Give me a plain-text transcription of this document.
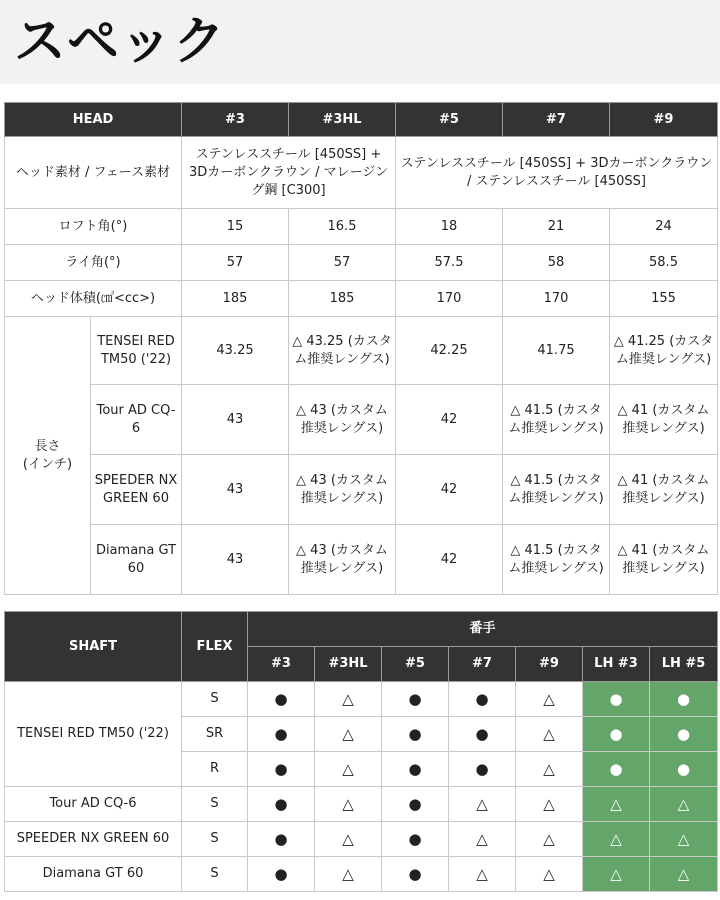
スペック
HEAD		#3	#3HL	#5	#7	#9
ヘッド素材 / フェース素材		ステンレススチール [450SS] + 3Dカーボンクラウン / マレージング鋼 [C300]		ステンレススチール [450SS] + 3Dカーボンクラウン / ステンレススチール [450SS]		
ロフト角(°)		15	16.5	18	21	24
ライ角(°)		57	57	57.5	58	58.5
ヘッド体積(㎤<cc>)		185	185	170	170	155
長さ
(インチ)	TENSEI RED TM50 ('22)	43.25	△ 43.25 (カスタム推奨レングス)	42.25	41.75	△ 41.25 (カスタム推奨レングス)
	Tour AD CQ-6	43	△ 43 (カスタム推奨レングス)	42	△ 41.5 (カスタム推奨レングス)	△ 41 (カスタム推奨レングス)
	SPEEDER NX GREEN 60	43	△ 43 (カスタム推奨レングス)	42	△ 41.5 (カスタム推奨レングス)	△ 41 (カスタム推奨レングス)
	Diamana GT 60	43	△ 43 (カスタム推奨レングス)	42	△ 41.5 (カスタム推奨レングス)	△ 41 (カスタム推奨レングス)
SHAFT	FLEX	番手						
		#3	#3HL	#5	#7	#9	LH #3	LH #5
TENSEI RED TM50 ('22)	S	●	△	●	●	△	●	●
	SR	●	△	●	●	△	●	●
	R	●	△	●	●	△	●	●
Tour AD CQ-6	S	●	△	●	△	△	△	△
SPEEDER NX GREEN 60	S	●	△	●	△	△	△	△
Diamana GT 60	S	●	△	●	△	△	△	△
